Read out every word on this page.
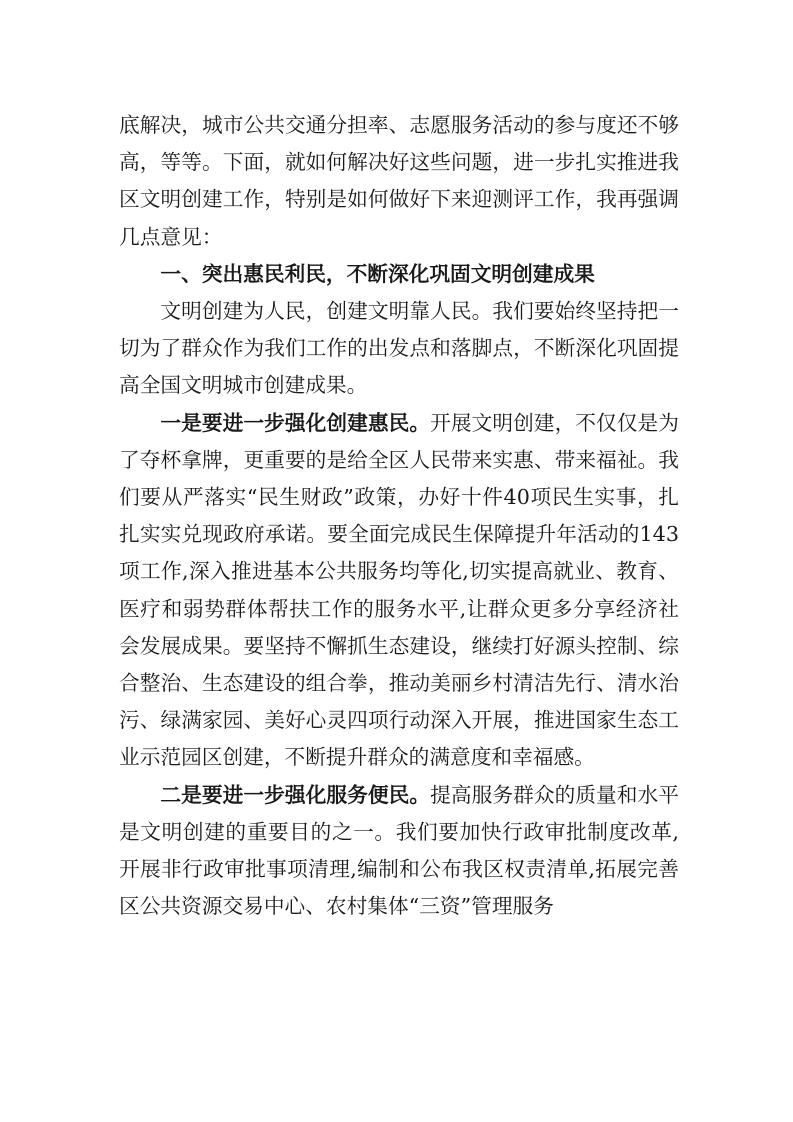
底解决，城市公共交通分担率、志愿服务活动的参与度还不够高，等等。下面，就如何解决好这些问题，进一步扎实推进我区文明创建工作，特别是如何做好下来迎测评工作，我再强调几点意见：

一、突出惠民利民，不断深化巩固文明创建成果

文明创建为人民，创建文明靠人民。我们要始终坚持把一切为了群众作为我们工作的出发点和落脚点，不断深化巩固提高全国文明城市创建成果。

一是要进一步强化创建惠民。开展文明创建，不仅仅是为了夺杯拿牌，更重要的是给全区人民带来实惠、带来福祉。我们要从严落实“民生财政”政策，办好十件40项民生实事，扎扎实实兑现政府承诺。要全面完成民生保障提升年活动的143项工作,深入推进基本公共服务均等化,切实提高就业、教育、医疗和弱势群体帮扶工作的服务水平,让群众更多分享经济社会发展成果。要坚持不懈抓生态建设，继续打好源头控制、综合整治、生态建设的组合拳，推动美丽乡村清洁先行、清水治污、绿满家园、美好心灵四项行动深入开展，推进国家生态工业示范园区创建，不断提升群众的满意度和幸福感。

二是要进一步强化服务便民。提高服务群众的质量和水平是文明创建的重要目的之一。我们要加快行政审批制度改革,开展非行政审批事项清理,编制和公布我区权责清单,拓展完善区公共资源交易中心、农村集体“三资”管理服务
